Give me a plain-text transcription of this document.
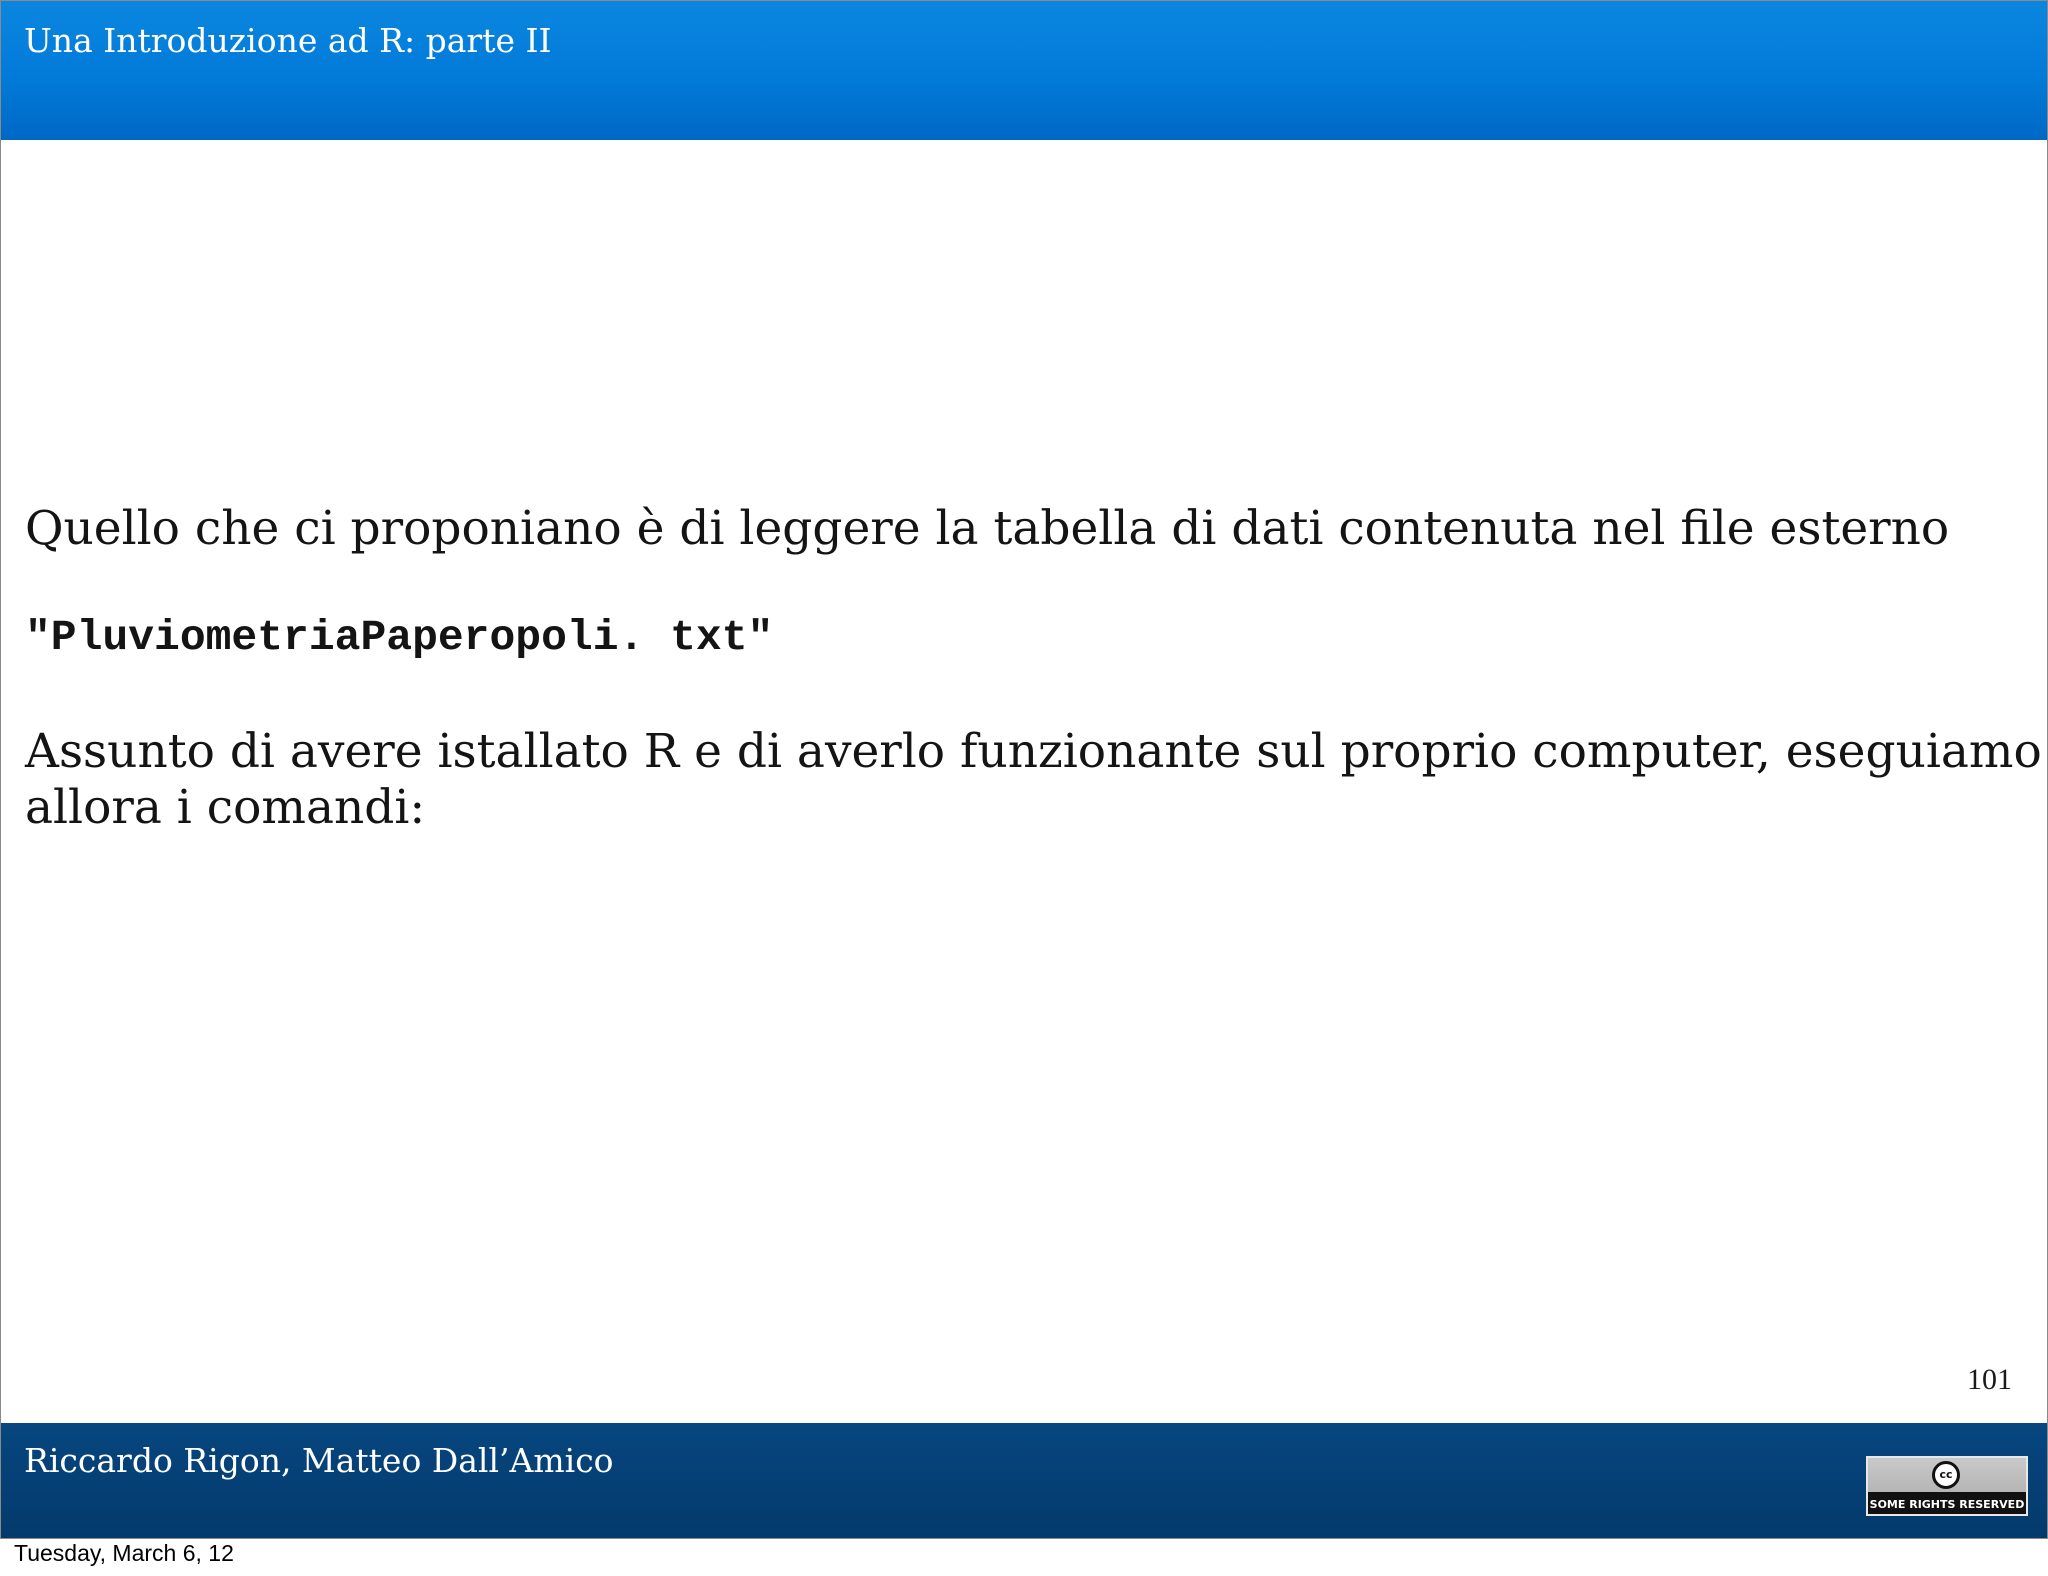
Una Introduzione ad R: parte II
Quello che ci proponiano è di leggere la tabella di dati contenuta nel file esterno
"PluviometriaPaperopoli. txt"
Assunto di avere istallato R e di averlo funzionante sul proprio computer, eseguiamo
allora i comandi:
101
Riccardo Rigon, Matteo Dall’Amico	cc
SOME RIGHTS RESERVED
Tuesday, March 6, 12
